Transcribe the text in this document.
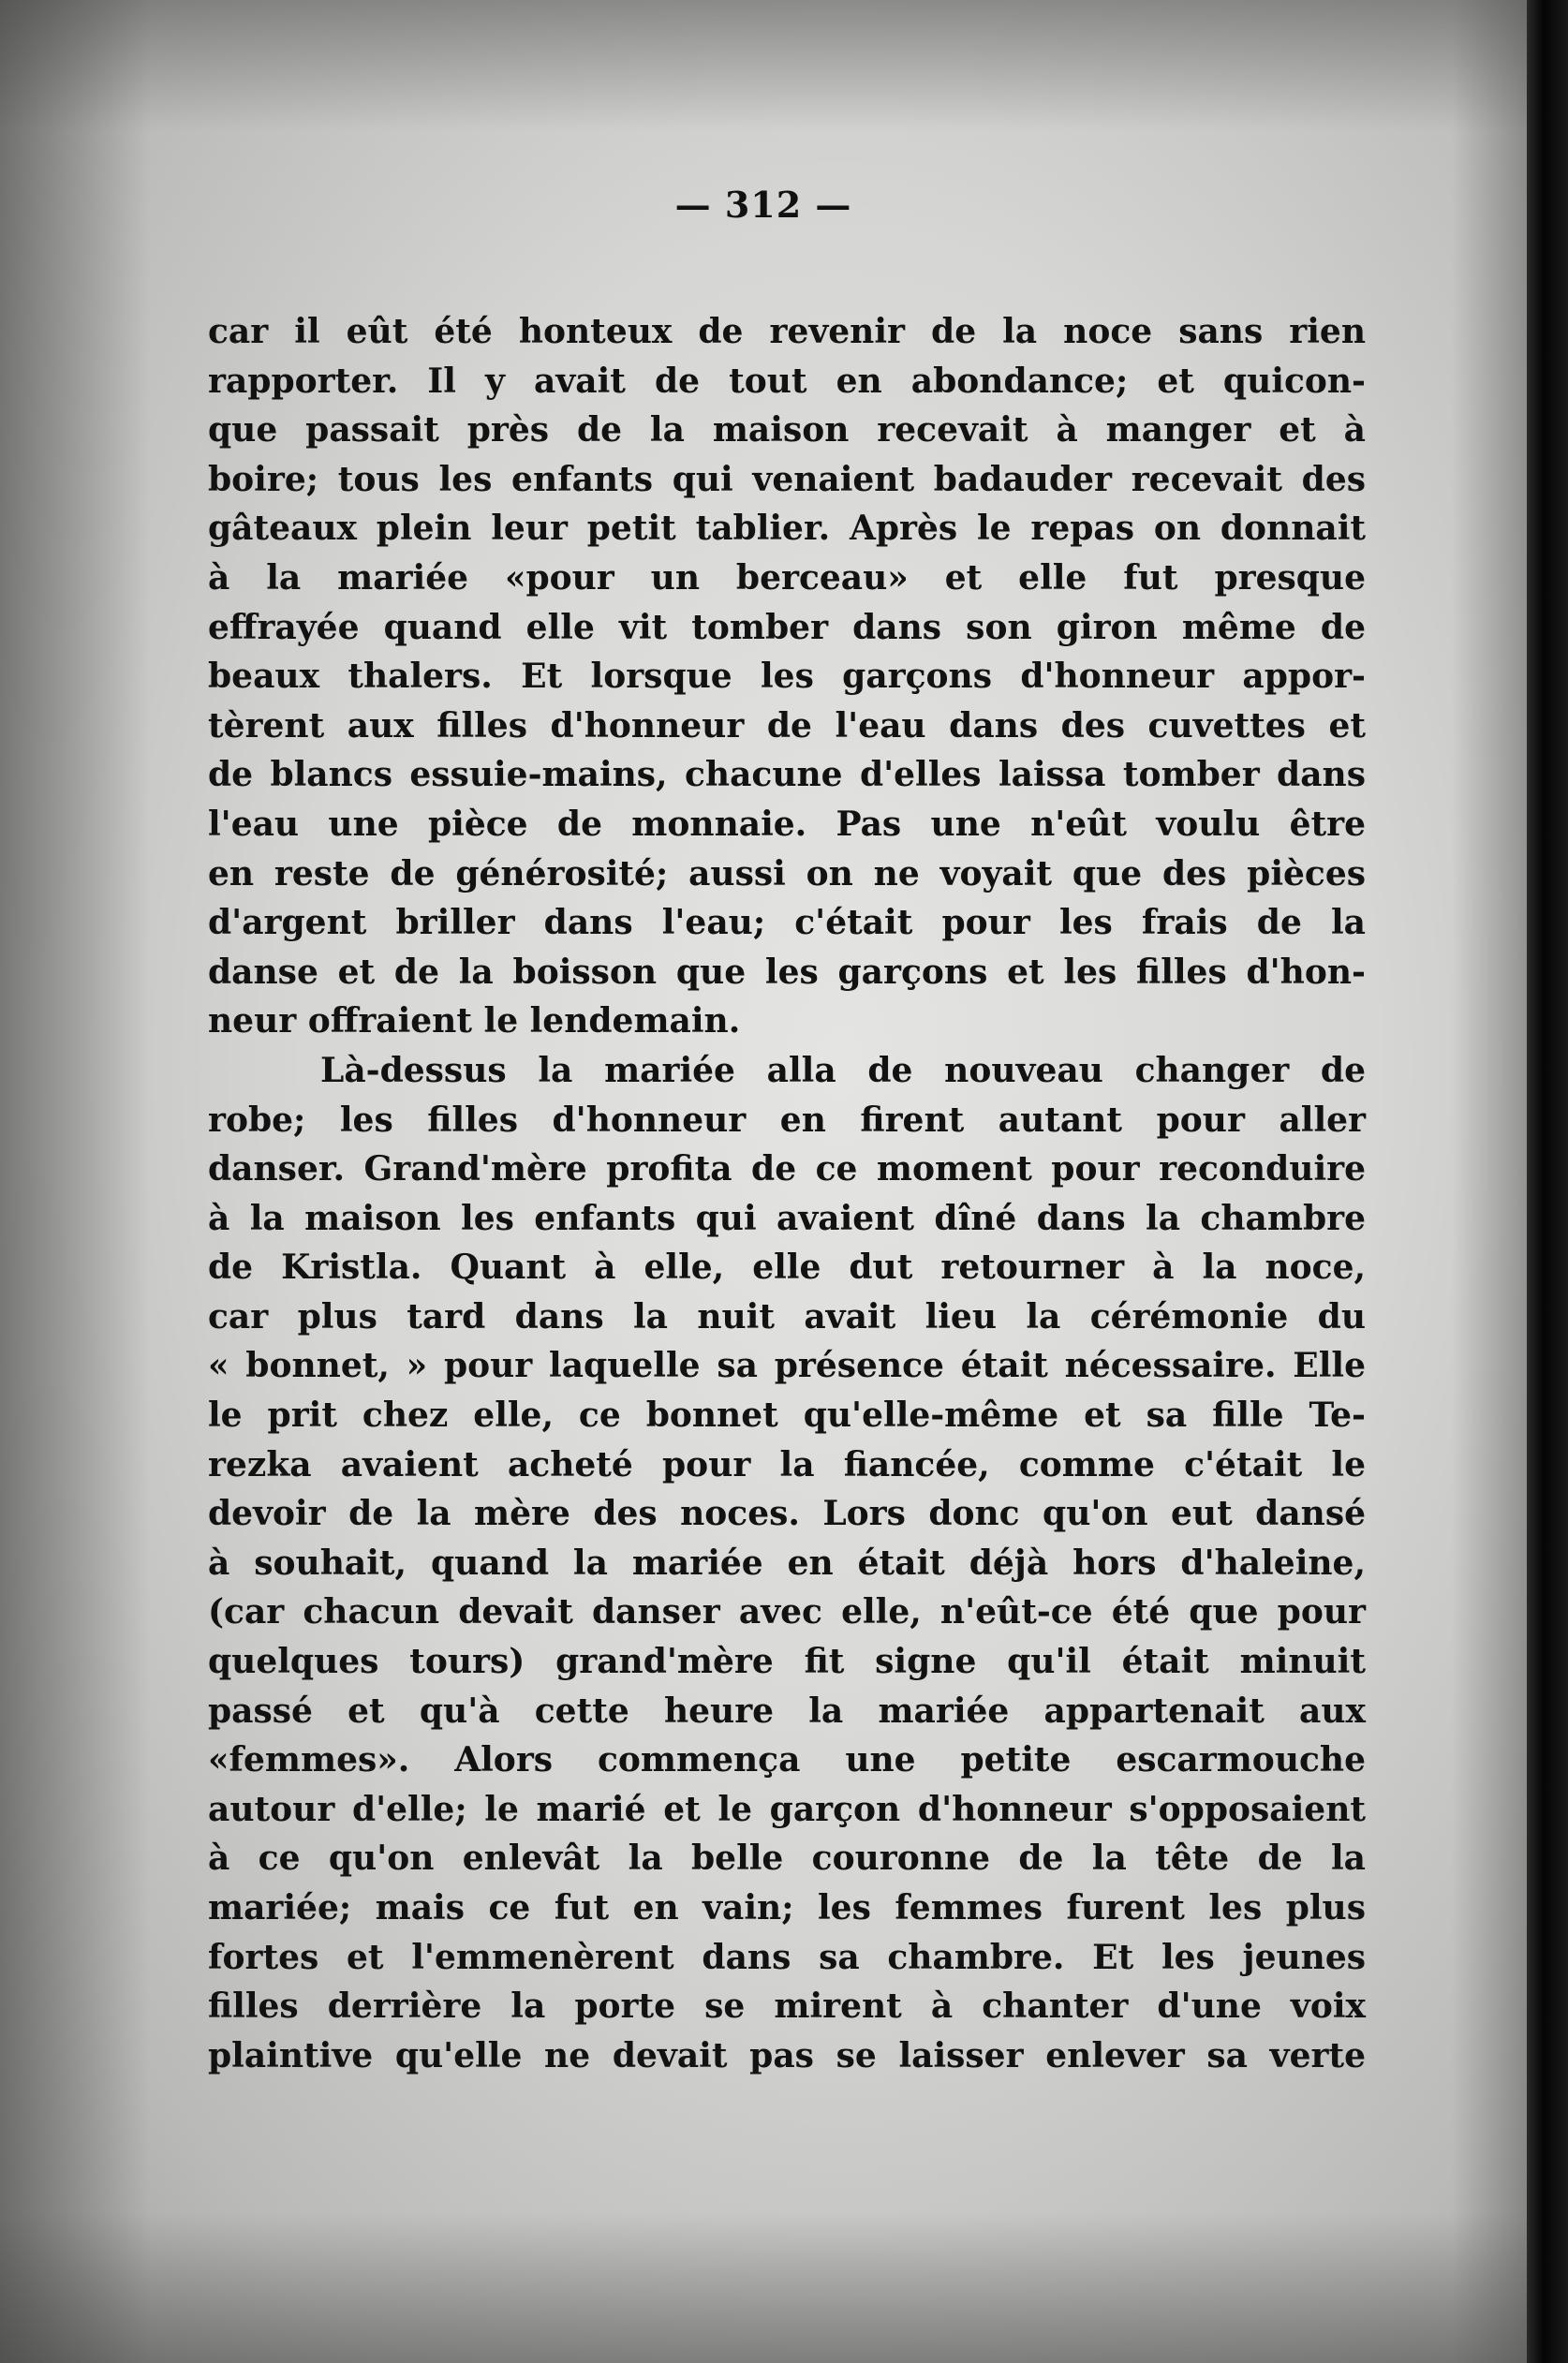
— 312 —
car il eût été honteux de revenir de la noce sans rien
rapporter. Il y avait de tout en abondance; et quicon-
que passait près de la maison recevait à manger et à
boire; tous les enfants qui venaient badauder recevait des
gâteaux plein leur petit tablier. Après le repas on donnait
à la mariée «pour un berceau» et elle fut presque
effrayée quand elle vit tomber dans son giron même de
beaux thalers. Et lorsque les garçons d'honneur appor-
tèrent aux filles d'honneur de l'eau dans des cuvettes et
de blancs essuie-mains, chacune d'elles laissa tomber dans
l'eau une pièce de monnaie. Pas une n'eût voulu être
en reste de générosité; aussi on ne voyait que des pièces
d'argent briller dans l'eau; c'était pour les frais de la
danse et de la boisson que les garçons et les filles d'hon-
neur offraient le lendemain.
Là-dessus la mariée alla de nouveau changer de
robe; les filles d'honneur en firent autant pour aller
danser. Grand'mère profita de ce moment pour reconduire
à la maison les enfants qui avaient dîné dans la chambre
de Kristla. Quant à elle, elle dut retourner à la noce,
car plus tard dans la nuit avait lieu la cérémonie du
« bonnet, » pour laquelle sa présence était nécessaire. Elle
le prit chez elle, ce bonnet qu'elle-même et sa fille Te-
rezka avaient acheté pour la fiancée, comme c'était le
devoir de la mère des noces. Lors donc qu'on eut dansé
à souhait, quand la mariée en était déjà hors d'haleine,
(car chacun devait danser avec elle, n'eût-ce été que pour
quelques tours) grand'mère fit signe qu'il était minuit
passé et qu'à cette heure la mariée appartenait aux
«femmes». Alors commença une petite escarmouche
autour d'elle; le marié et le garçon d'honneur s'opposaient
à ce qu'on enlevât la belle couronne de la tête de la
mariée; mais ce fut en vain; les femmes furent les plus
fortes et l'emmenèrent dans sa chambre. Et les jeunes
filles derrière la porte se mirent à chanter d'une voix
plaintive qu'elle ne devait pas se laisser enlever sa verte
